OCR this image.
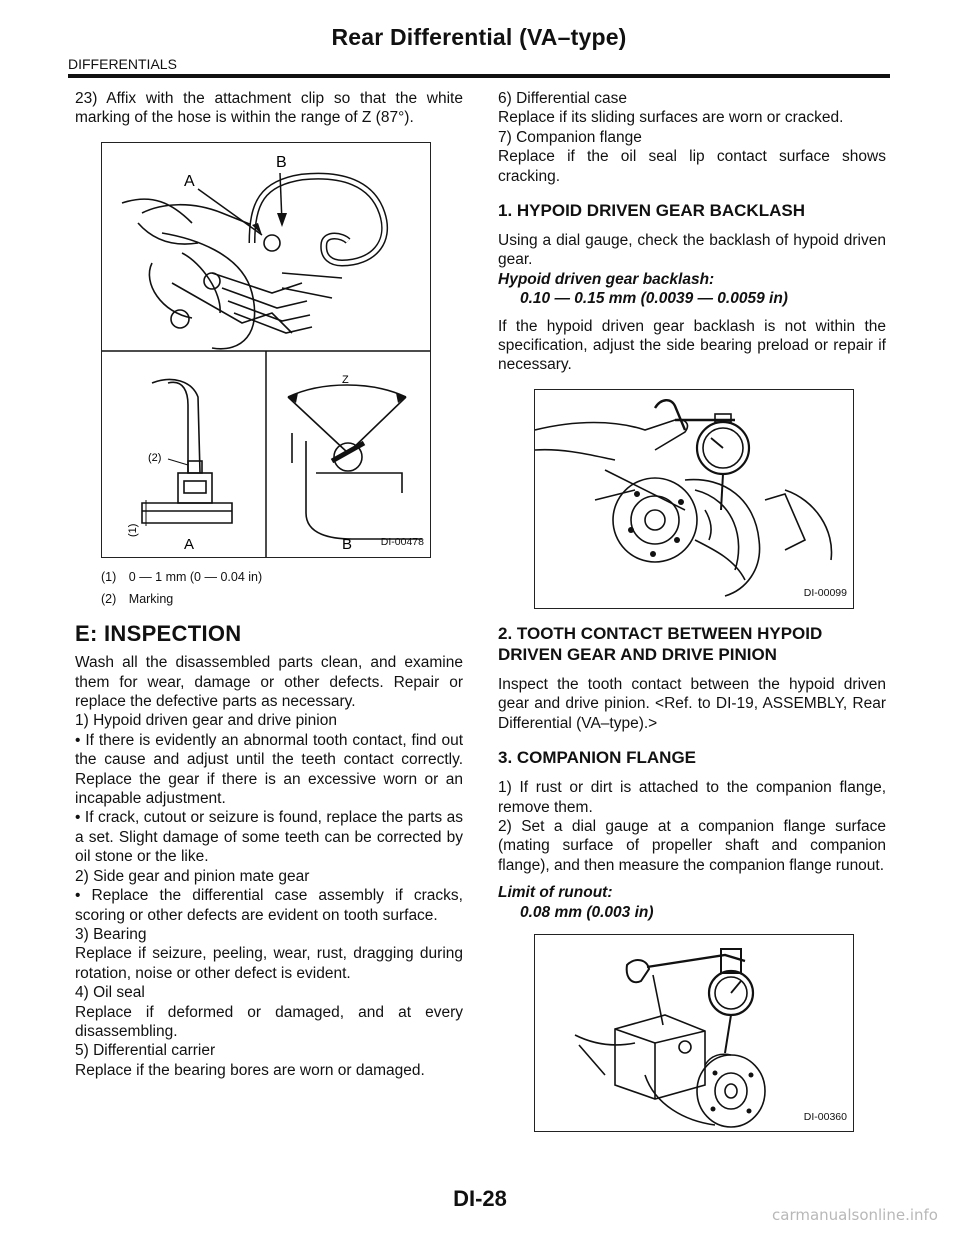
Rear Differential (VA–type)
DIFFERENTIALS

23) Affix with the attachment clip so that the white marking of the hose is within the range of Z (87°).

A
B
(2)
(1)
A
Z
B	DI-00478
(1) 0 — 1 mm (0 — 0.04 in)
(2) Marking
E: INSPECTION

Wash all the disassembled parts clean, and examine them for wear, damage or other defects. Repair or replace the defective parts as necessary.

1) Hypoid driven gear and drive pinion

• If there is evidently an abnormal tooth contact, find out the cause and adjust until the teeth contact correctly. Replace the gear if there is an excessive worn or an incapable adjustment.

• If crack, cutout or seizure is found, replace the parts as a set. Slight damage of some teeth can be corrected by oil stone or the like.

2) Side gear and pinion mate gear

• Replace the differential case assembly if cracks, scoring or other defects are evident on tooth surface.

3) Bearing

Replace if seizure, peeling, wear, rust, dragging during rotation, noise or other defect is evident.

4) Oil seal

Replace if deformed or damaged, and at every disassembling.

5) Differential carrier

Replace if the bearing bores are worn or damaged.

6) Differential case

Replace if its sliding surfaces are worn or cracked.

7) Companion flange

Replace if the oil seal lip contact surface shows cracking.

1. HYPOID DRIVEN GEAR BACKLASH

Using a dial gauge, check the backlash of hypoid driven gear.

Hypoid driven gear backlash:

0.10 — 0.15 mm (0.0039 — 0.0059 in)

If the hypoid driven gear backlash is not within the specification, adjust the side bearing preload or repair if necessary.

DI-00099
2. TOOTH CONTACT BETWEEN HYPOID DRIVEN GEAR AND DRIVE PINION

Inspect the tooth contact between the hypoid driven gear and drive pinion. <Ref. to DI-19, ASSEMBLY, Rear Differential (VA–type).>

3. COMPANION FLANGE

1) If rust or dirt is attached to the companion flange, remove them.

2) Set a dial gauge at a companion flange surface (mating surface of propeller shaft and companion flange), and then measure the companion flange runout.

Limit of runout:

0.08 mm (0.003 in)

DI-00360
DI-28
carmanualsonline.info
